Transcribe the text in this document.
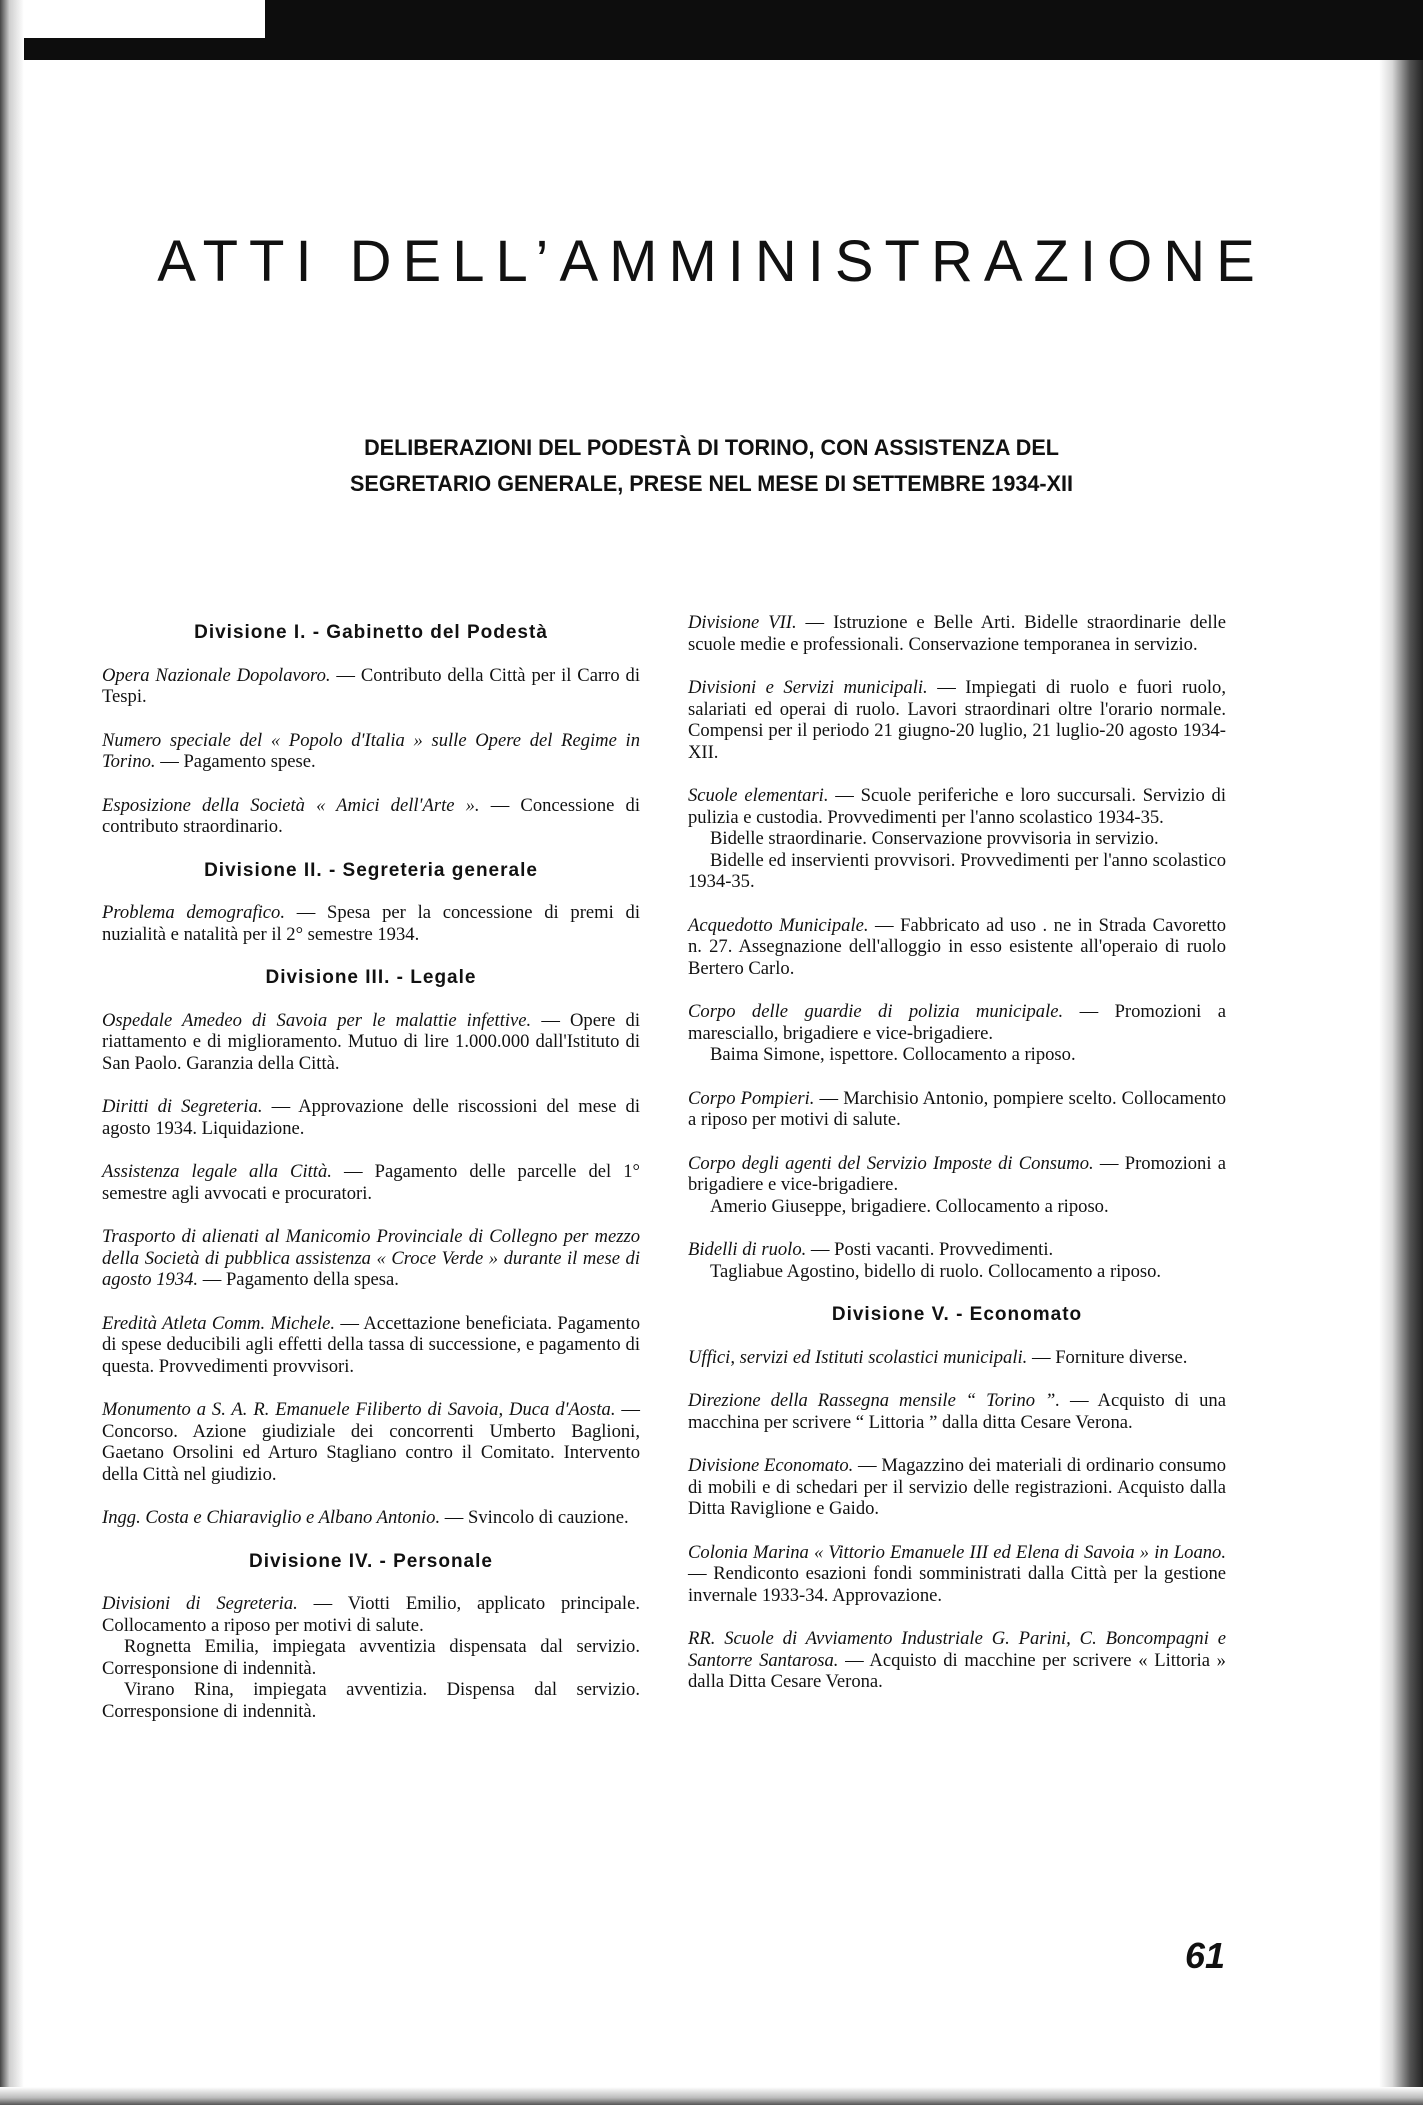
ATTI DELL’AMMINISTRAZIONE
DELIBERAZIONI DEL PODESTÀ DI TORINO, CON ASSISTENZA DEL
SEGRETARIO GENERALE, PRESE NEL MESE DI SETTEMBRE 1934-XII
Divisione I. - Gabinetto del Podestà

Opera Nazionale Dopolavoro. — Contributo della Città per il Carro di Tespi.

Numero speciale del « Popolo d'Italia » sulle Opere del Regime in Torino. — Pagamento spese.

Esposizione della Società « Amici dell'Arte ». — Concessione di contributo straordinario.

Divisione II. - Segreteria generale

Problema demografico. — Spesa per la concessione di premi di nuzialità e natalità per il 2° semestre 1934.

Divisione III. - Legale

Ospedale Amedeo di Savoia per le malattie infettive. — Opere di riattamento e di miglioramento. Mutuo di lire 1.000.000 dall'Istituto di San Paolo. Garanzia della Città.

Diritti di Segreteria. — Approvazione delle riscossioni del mese di agosto 1934. Liquidazione.

Assistenza legale alla Città. — Pagamento delle parcelle del 1° semestre agli avvocati e procuratori.

Trasporto di alienati al Manicomio Provinciale di Collegno per mezzo della Società di pubblica assistenza « Croce Verde » durante il mese di agosto 1934. — Pagamento della spesa.

Eredità Atleta Comm. Michele. — Accettazione beneficiata. Pagamento di spese deducibili agli effetti della tassa di successione, e pagamento di questa. Provvedimenti provvisori.

Monumento a S. A. R. Emanuele Filiberto di Savoia, Duca d'Aosta. — Concorso. Azione giudiziale dei concorrenti Umberto Baglioni, Gaetano Orsolini ed Arturo Stagliano contro il Comitato. Intervento della Città nel giudizio.

Ingg. Costa e Chiaraviglio e Albano Antonio. — Svincolo di cauzione.

Divisione IV. - Personale

Divisioni di Segreteria. — Viotti Emilio, applicato principale. Collocamento a riposo per motivi di salute.

Rognetta Emilia, impiegata avventizia dispensata dal servizio. Corresponsione di indennità.

Virano Rina, impiegata avventizia. Dispensa dal servizio. Corresponsione di indennità.

Divisione VII. — Istruzione e Belle Arti. Bidelle straordinarie delle scuole medie e professionali. Conservazione temporanea in servizio.

Divisioni e Servizi municipali. — Impiegati di ruolo e fuori ruolo, salariati ed operai di ruolo. Lavori straordinari oltre l'orario normale. Compensi per il periodo 21 giugno-20 luglio, 21 luglio-20 agosto 1934-XII.

Scuole elementari. — Scuole periferiche e loro succursali. Servizio di pulizia e custodia. Provvedimenti per l'anno scolastico 1934-35.

Bidelle straordinarie. Conservazione provvisoria in servizio.

Bidelle ed inservienti provvisori. Provvedimenti per l'anno scolastico 1934-35.

Acquedotto Municipale. — Fabbricato ad uso . ne in Strada Cavoretto n. 27. Assegnazione dell'alloggio in esso esistente all'operaio di ruolo Bertero Carlo.

Corpo delle guardie di polizia municipale. — Promozioni a maresciallo, brigadiere e vice-brigadiere.

Baima Simone, ispettore. Collocamento a riposo.

Corpo Pompieri. — Marchisio Antonio, pompiere scelto. Collocamento a riposo per motivi di salute.

Corpo degli agenti del Servizio Imposte di Consumo. — Promozioni a brigadiere e vice-brigadiere.

Amerio Giuseppe, brigadiere. Collocamento a riposo.

Bidelli di ruolo. — Posti vacanti. Provvedimenti.

Tagliabue Agostino, bidello di ruolo. Collocamento a riposo.

Divisione V. - Economato

Uffici, servizi ed Istituti scolastici municipali. — Forniture diverse.

Direzione della Rassegna mensile “ Torino ”. — Acquisto di una macchina per scrivere “ Littoria ” dalla ditta Cesare Verona.

Divisione Economato. — Magazzino dei materiali di ordinario consumo di mobili e di schedari per il servizio delle registrazioni. Acquisto dalla Ditta Raviglione e Gaido.

Colonia Marina « Vittorio Emanuele III ed Elena di Savoia » in Loano. — Rendiconto esazioni fondi somministrati dalla Città per la gestione invernale 1933-34. Approvazione.

RR. Scuole di Avviamento Industriale G. Parini, C. Boncompagni e Santorre Santarosa. — Acquisto di macchine per scrivere « Littoria » dalla Ditta Cesare Verona.

61
